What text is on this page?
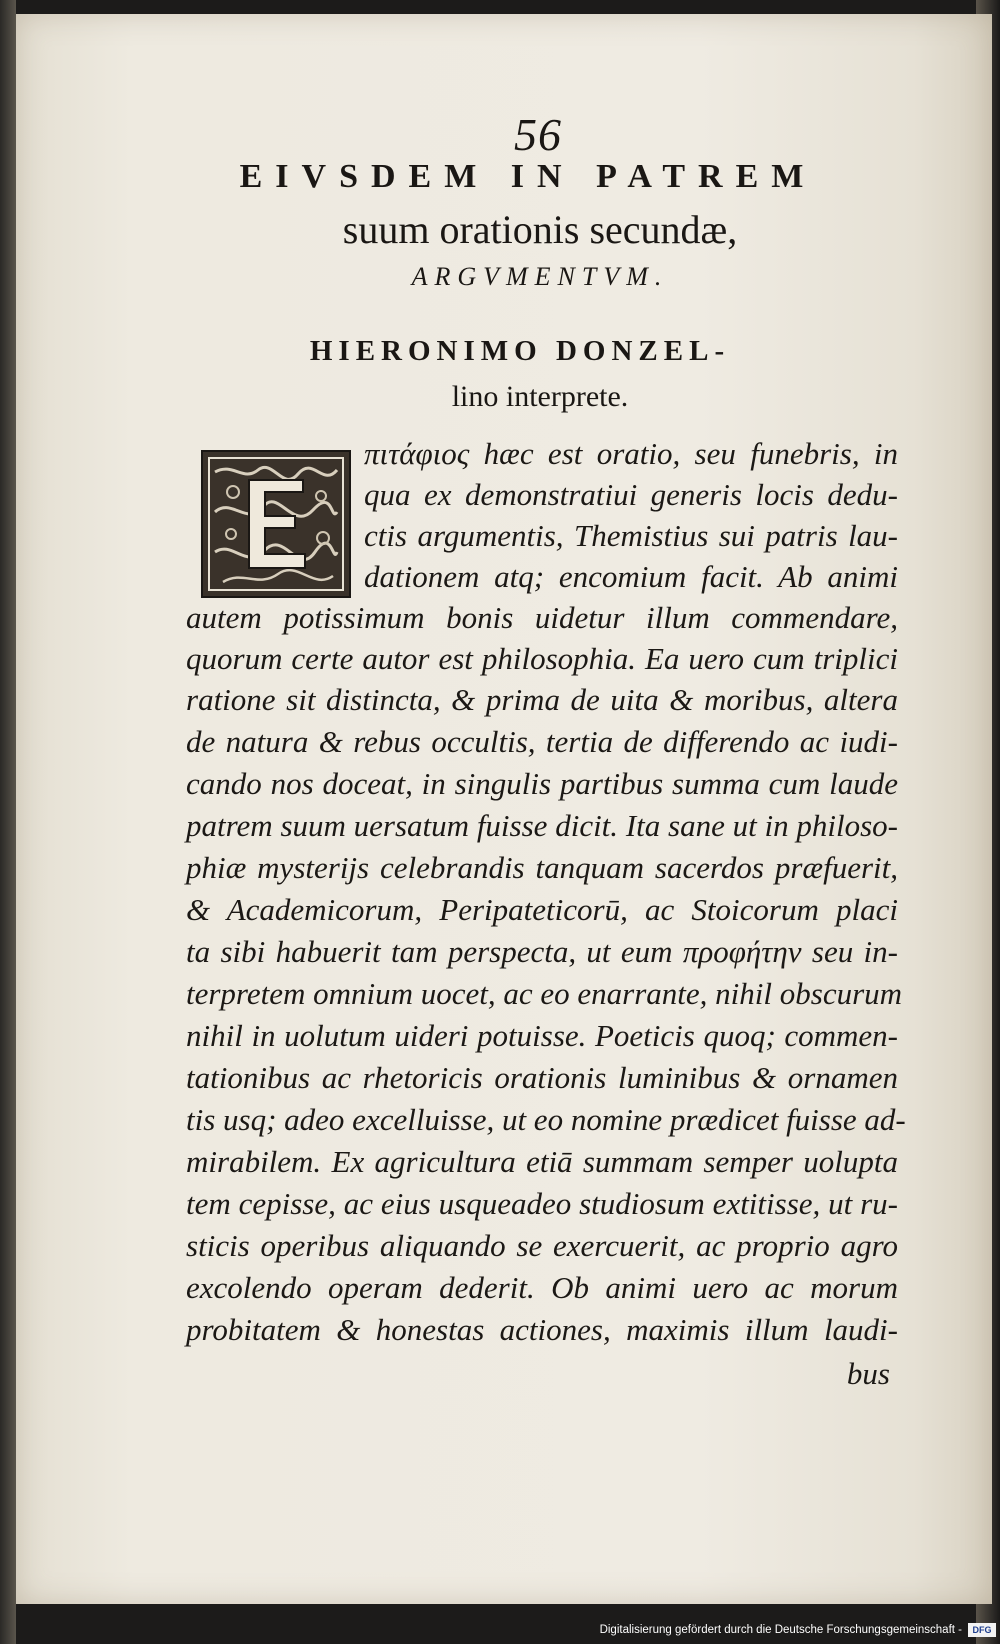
56
EIVSDEM IN PATREM
suum orationis secundæ,
ARGVMENTVM.
HIERONIMO DONZEL-
lino interprete.
πιτάφιος hæc est oratio, seu funebris, in
qua ex demonstratiui generis locis dedu-
ctis argumentis, Themistius sui patris lau-
dationem atq; encomium facit. Ab animi
autem potissimum bonis uidetur illum commendare,
quorum certe autor est philosophia. Ea uero cum triplici
ratione sit distincta, & prima de uita & moribus, altera
de natura & rebus occultis, tertia de differendo ac iudi-
cando nos doceat, in singulis partibus summa cum laude
patrem suum uersatum fuisse dicit. Ita sane ut in philoso-
phiæ mysterijs celebrandis tanquam sacerdos præfuerit,
& Academicorum, Peripateticorū, ac Stoicorum placi
ta sibi habuerit tam perspecta, ut eum προφήτην seu in-
terpretem omnium uocet, ac eo enarrante, nihil obscurum
nihil in uolutum uideri potuisse. Poeticis quoq; commen-
tationibus ac rhetoricis orationis luminibus & ornamen
tis usq; adeo excelluisse, ut eo nomine prædicet fuisse ad-
mirabilem. Ex agricultura etiā summam semper uolupta
tem cepisse, ac eius usqueadeo studiosum extitisse, ut ru-
sticis operibus aliquando se exercuerit, ac proprio agro
excolendo operam dederit. Ob animi uero ac morum
probitatem & honestas actiones, maximis illum laudi-
bus
Digitalisierung gefördert durch die Deutsche Forschungsgemeinschaft -	DFG
